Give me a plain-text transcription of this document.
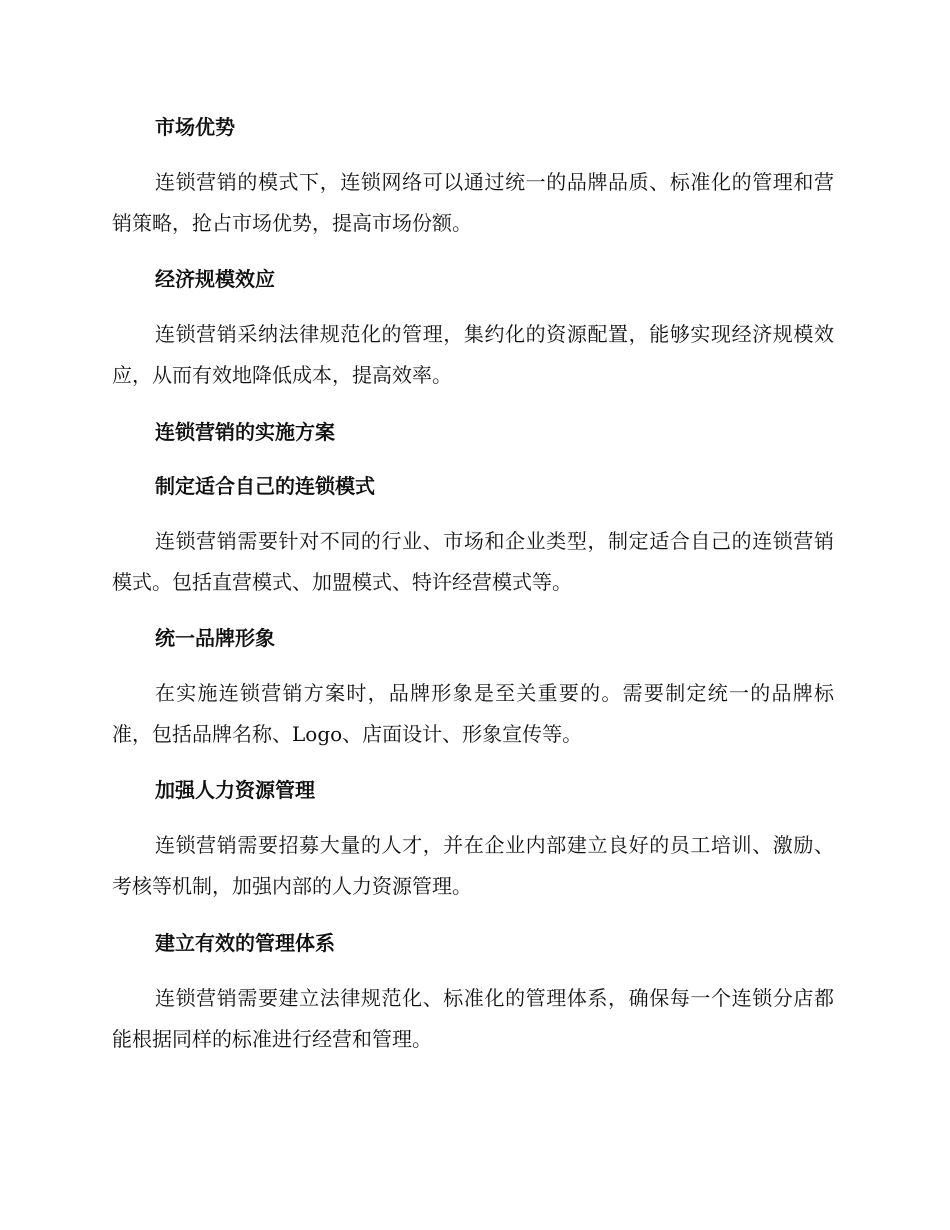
市场优势
连锁营销的模式下，连锁网络可以通过统一的品牌品质、标准化的管理和营销策略，抢占市场优势，提高市场份额。
经济规模效应
连锁营销采纳法律规范化的管理，集约化的资源配置，能够实现经济规模效应，从而有效地降低成本，提高效率。
连锁营销的实施方案
制定适合自己的连锁模式
连锁营销需要针对不同的行业、市场和企业类型，制定适合自己的连锁营销模式。包括直营模式、加盟模式、特许经营模式等。
统一品牌形象
在实施连锁营销方案时，品牌形象是至关重要的。需要制定统一的品牌标准，包括品牌名称、Logo、店面设计、形象宣传等。
加强人力资源管理
连锁营销需要招募大量的人才，并在企业内部建立良好的员工培训、激励、考核等机制，加强内部的人力资源管理。
建立有效的管理体系
连锁营销需要建立法律规范化、标准化的管理体系，确保每一个连锁分店都能根据同样的标准进行经营和管理。
